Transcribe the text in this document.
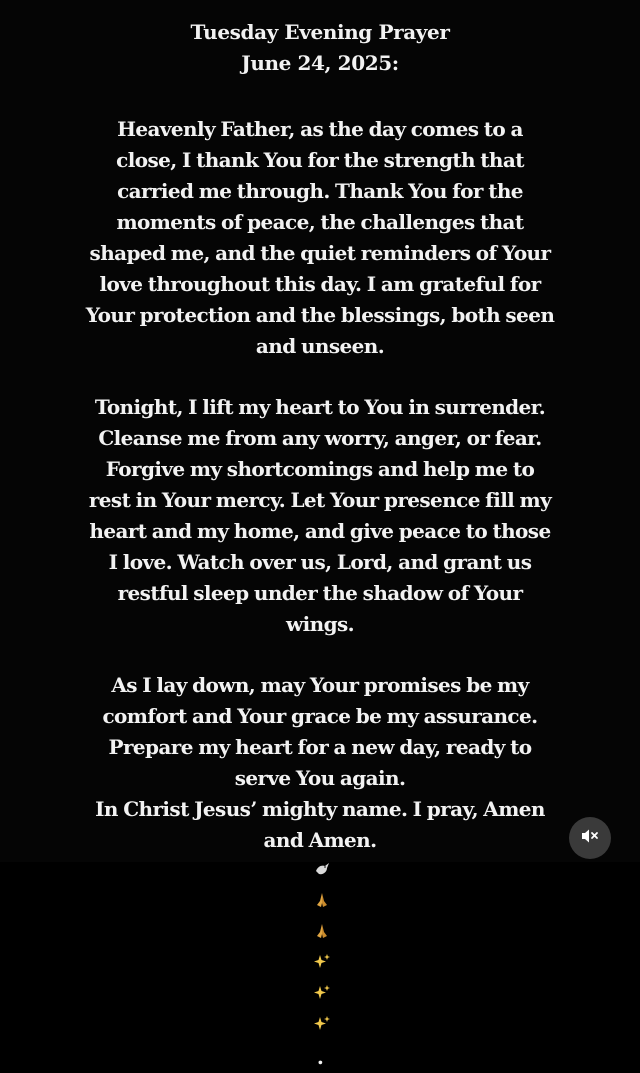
Tuesday Evening Prayer
June 24, 2025:
Heavenly Father, as the day comes to a
close, I thank You for the strength that
carried me through. Thank You for the
moments of peace, the challenges that
shaped me, and the quiet reminders of Your
love throughout this day. I am grateful for
Your protection and the blessings, both seen
and unseen.
Tonight, I lift my heart to You in surrender.
Cleanse me from any worry, anger, or fear.
Forgive my shortcomings and help me to
rest in Your mercy. Let Your presence fill my
heart and my home, and give peace to those
I love. Watch over us, Lord, and grant us
restful sleep under the shadow of Your
wings.
As I lay down, may Your promises be my
comfort and Your grace be my assurance.
Prepare my heart for a new day, ready to
serve You again.
In Christ Jesus’ mighty name. I pray, Amen
and Amen.
.
